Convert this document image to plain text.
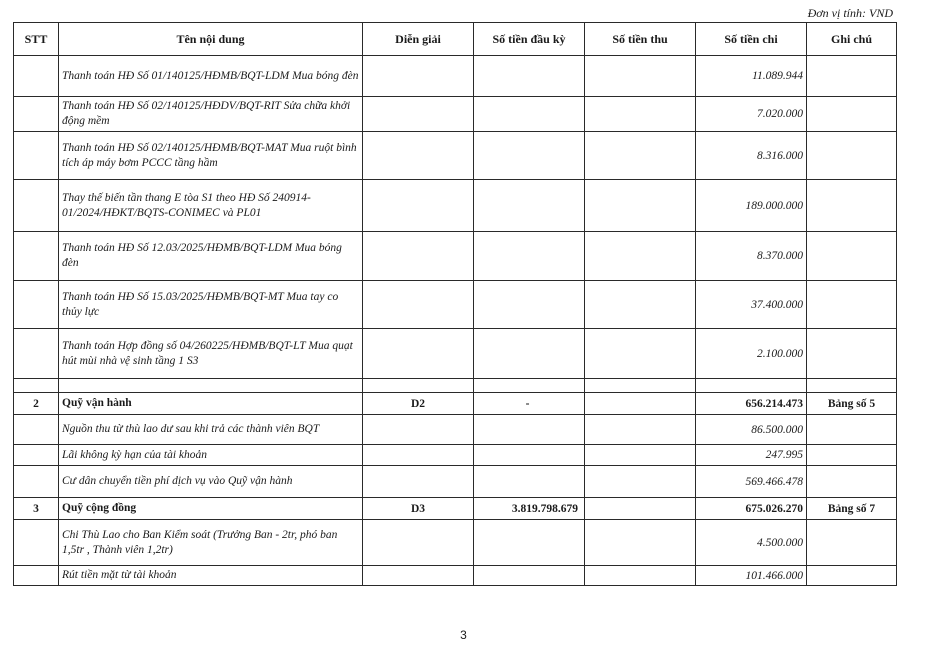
Đơn vị tính: VND
STT	Tên nội dung	Diễn giải	Số tiền đầu kỳ	Số tiền thu	Số tiền chi	Ghi chú
	Thanh toán HĐ Số 01/140125/HĐMB/BQT-LDM Mua bóng đèn				11.089.944	
	Thanh toán HĐ Số 02/140125/HĐDV/BQT-RIT Sửa chữa khởi động mềm				7.020.000	
	Thanh toán HĐ Số 02/140125/HĐMB/BQT-MAT Mua ruột bình tích áp máy bơm PCCC tầng hầm				8.316.000	
	Thay thế biến tần thang E tòa S1 theo HĐ Số 240914-01/2024/HĐKT/BQTS-CONIMEC và PL01				189.000.000	
	Thanh toán HĐ Số 12.03/2025/HĐMB/BQT-LDM Mua bóng đèn				8.370.000	
	Thanh toán HĐ Số 15.03/2025/HĐMB/BQT-MT Mua tay co thủy lực				37.400.000	
	Thanh toán Hợp đồng số 04/260225/HĐMB/BQT-LT Mua quạt hút mùi nhà vệ sinh tầng 1 S3				2.100.000	

2	Quỹ vận hành	D2	-		656.214.473	Bảng số 5
	Nguồn thu từ thù lao dư sau khi trả các thành viên BQT				86.500.000	
	Lãi không kỳ hạn của tài khoản				247.995	
	Cư dân chuyển tiền phí dịch vụ vào Quỹ vận hành				569.466.478	
3	Quỹ cộng đồng	D3	3.819.798.679		675.026.270	Bảng số 7
	Chi Thù Lao cho Ban Kiểm soát (Trưởng Ban - 2tr, phó ban 1,5tr , Thành viên 1,2tr)				4.500.000	
	Rút tiền mặt từ tài khoản				101.466.000	
3
